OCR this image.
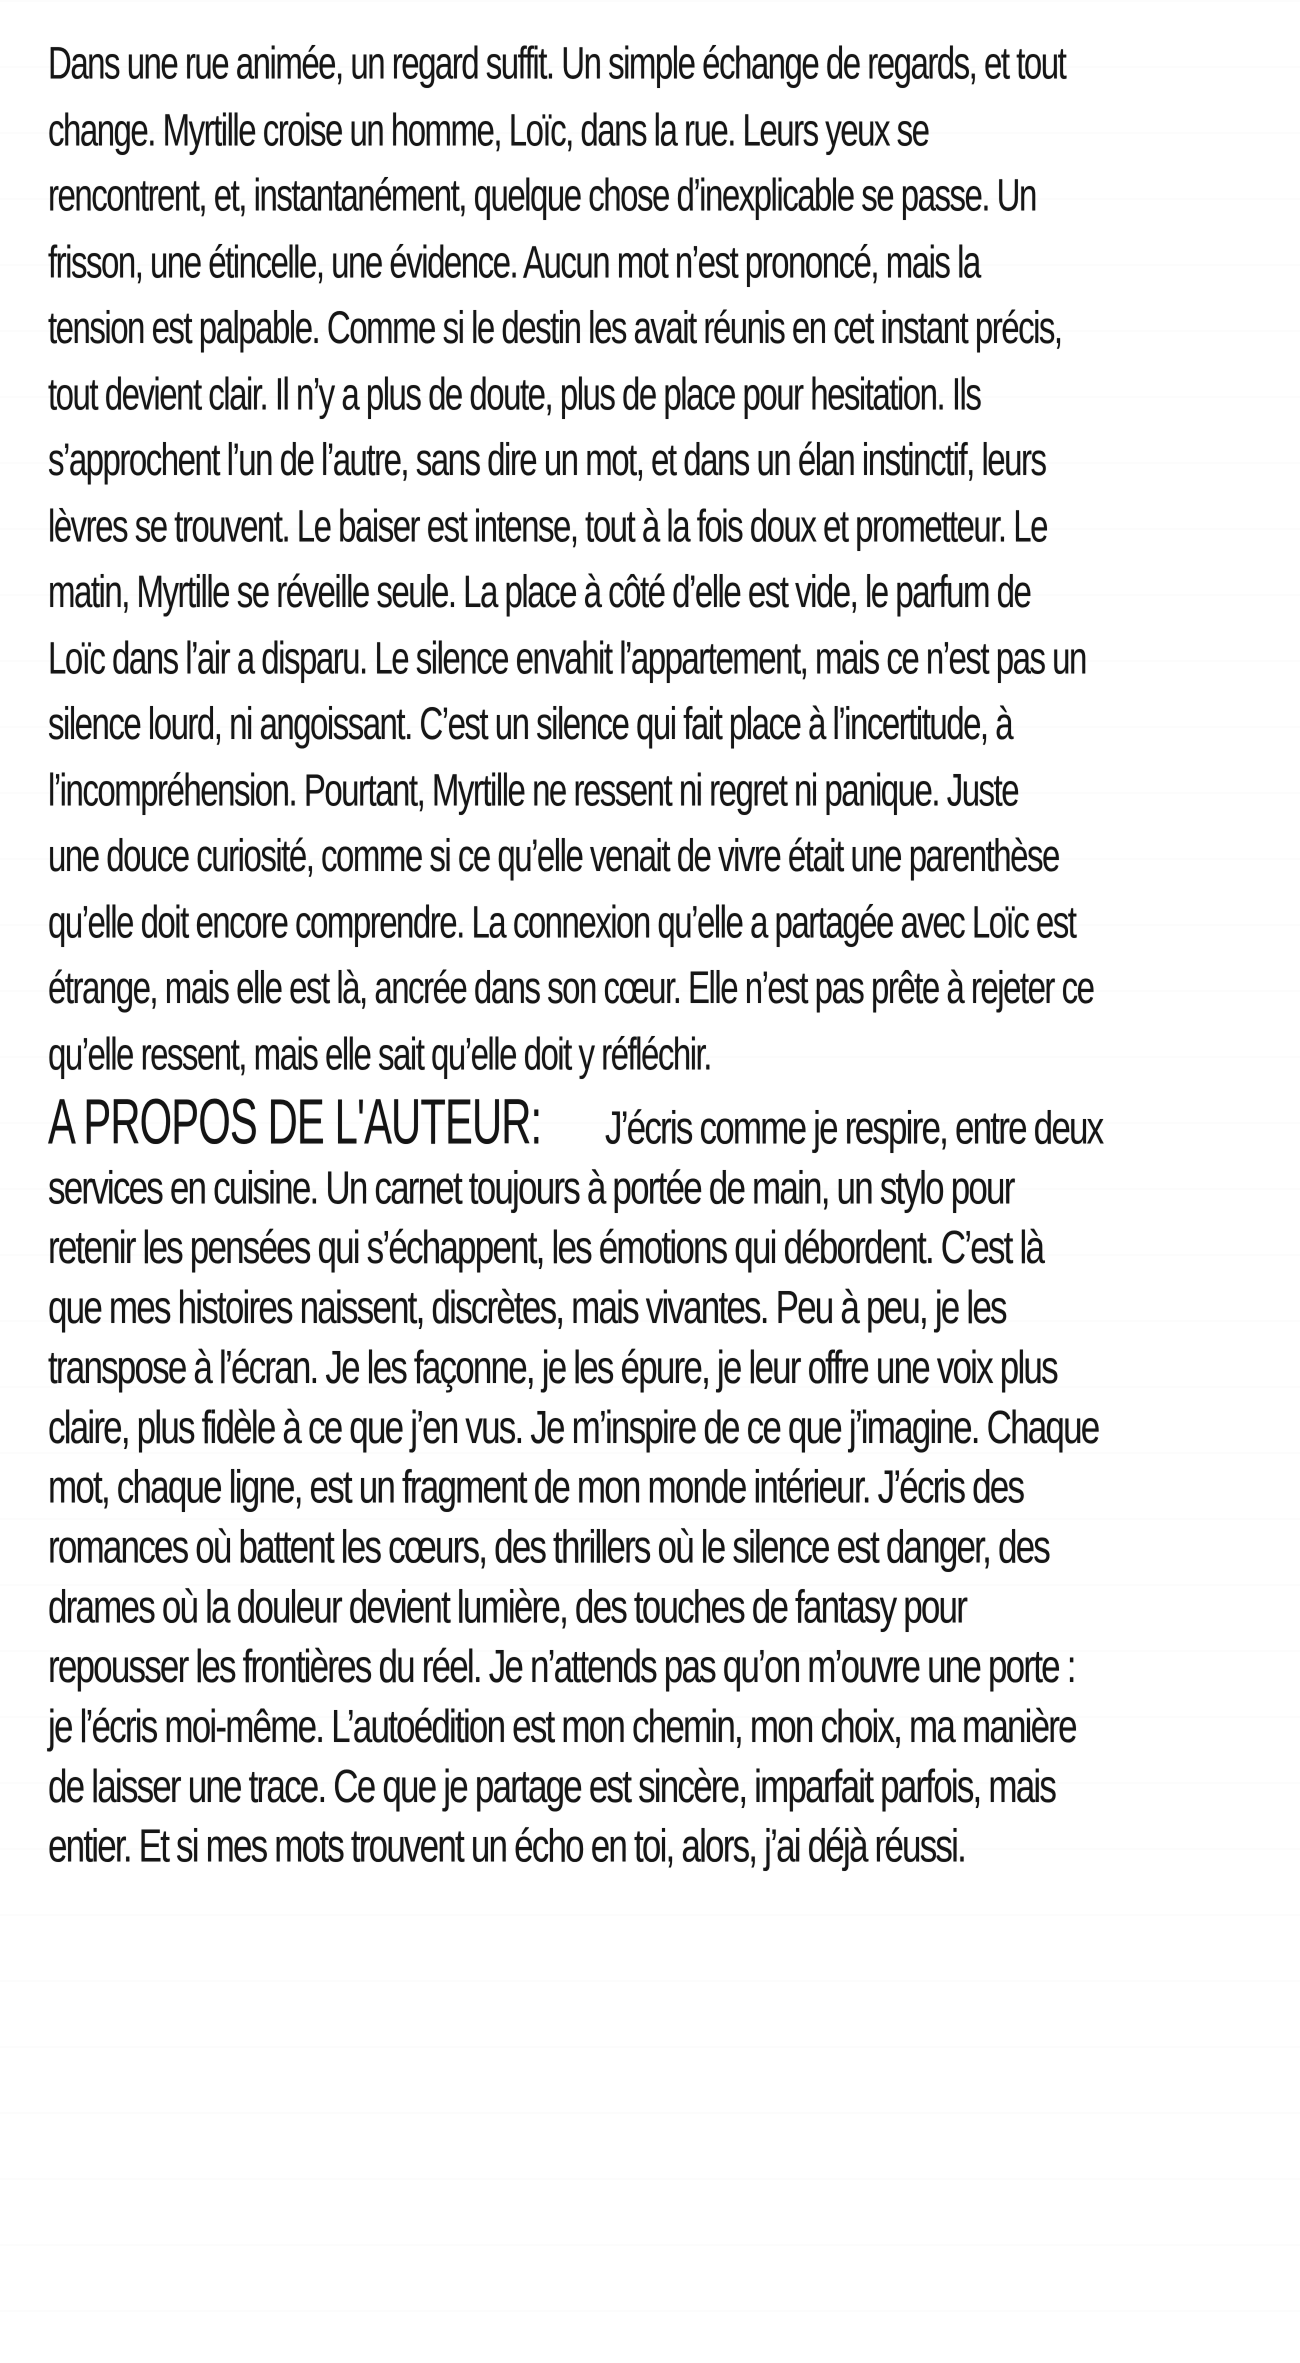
Dans une rue animée, un regard suffit. Un simple échange de regards, et tout
change. Myrtille croise un homme, Loïc, dans la rue. Leurs yeux se
rencontrent, et, instantanément, quelque chose d’inexplicable se passe. Un
frisson, une étincelle, une évidence. Aucun mot n’est prononcé, mais la
tension est palpable. Comme si le destin les avait réunis en cet instant précis,
tout devient clair. Il n’y a plus de doute, plus de place pour hesitation. Ils
s’approchent l’un de l’autre, sans dire un mot, et dans un élan instinctif, leurs
lèvres se trouvent. Le baiser est intense, tout à la fois doux et prometteur. Le
matin, Myrtille se réveille seule. La place à côté d’elle est vide, le parfum de
Loïc dans l’air a disparu. Le silence envahit l’appartement, mais ce n’est pas un
silence lourd, ni angoissant. C’est un silence qui fait place à l’incertitude, à
l’incompréhension. Pourtant, Myrtille ne ressent ni regret ni panique. Juste
une douce curiosité, comme si ce qu’elle venait de vivre était une parenthèse
qu’elle doit encore comprendre. La connexion qu’elle a partagée avec Loïc est
étrange, mais elle est là, ancrée dans son cœur. Elle n’est pas prête à rejeter ce
qu’elle ressent, mais elle sait qu’elle doit y réfléchir.
A PROPOS DE L'AUTEUR: J’écris comme je respire, entre deux
services en cuisine. Un carnet toujours à portée de main, un stylo pour
retenir les pensées qui s’échappent, les émotions qui débordent. C’est là
que mes histoires naissent, discrètes, mais vivantes. Peu à peu, je les
transpose à l’écran. Je les façonne, je les épure, je leur offre une voix plus
claire, plus fidèle à ce que j’en vus. Je m’inspire de ce que j’imagine. Chaque
mot, chaque ligne, est un fragment de mon monde intérieur. J’écris des
romances où battent les cœurs, des thrillers où le silence est danger, des
drames où la douleur devient lumière, des touches de fantasy pour
repousser les frontières du réel. Je n’attends pas qu’on m’ouvre une porte :
je l’écris moi-même. L’autoédition est mon chemin, mon choix, ma manière
de laisser une trace. Ce que je partage est sincère, imparfait parfois, mais
entier. Et si mes mots trouvent un écho en toi, alors, j’ai déjà réussi.
